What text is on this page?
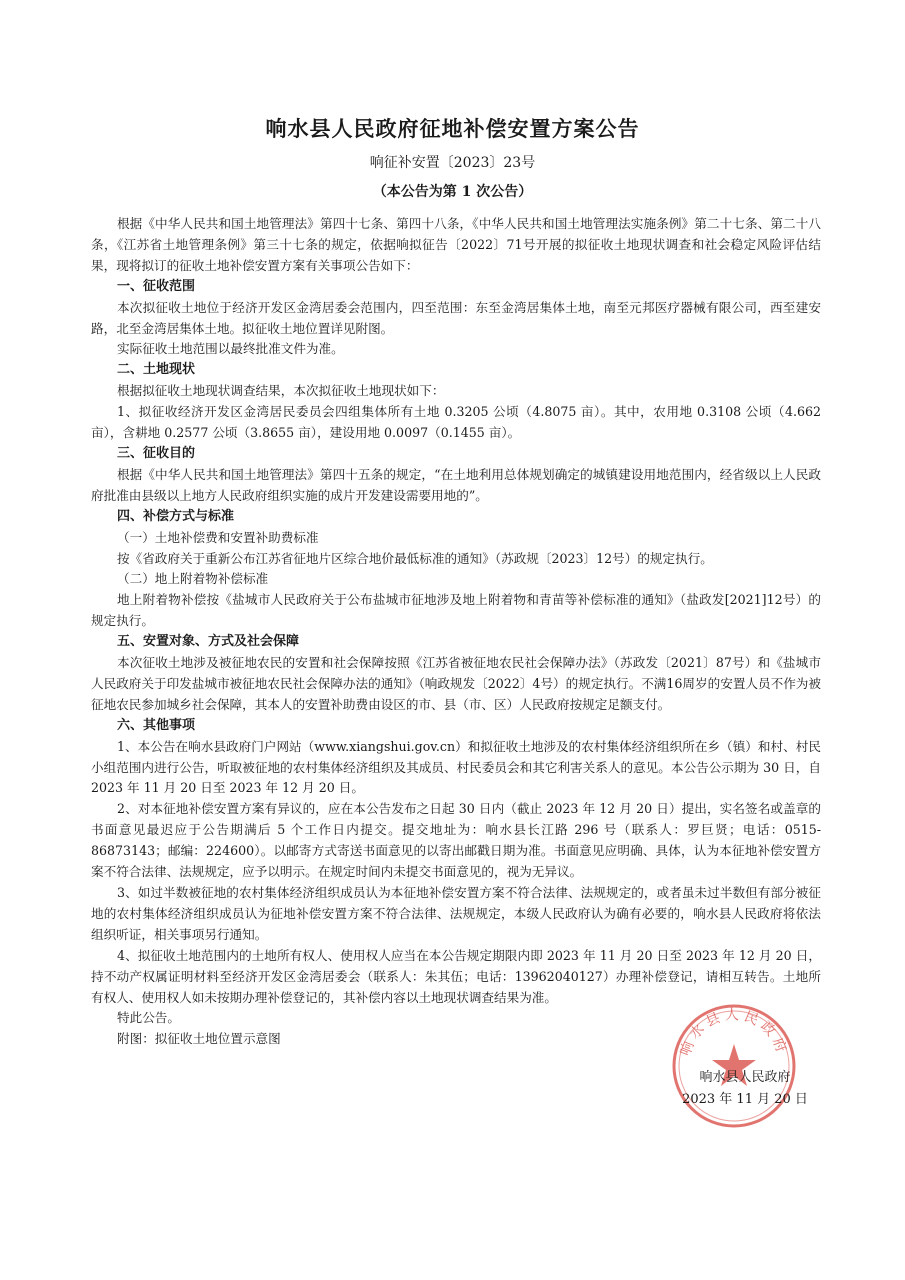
响水县人民政府征地补偿安置方案公告
响征补安置〔2023〕23号
（本公告为第 1 次公告）

根据《中华人民共和国土地管理法》第四十七条、第四十八条，《中华人民共和国土地管理法实施条例》第二十七条、第二十八条，《江苏省土地管理条例》第三十七条的规定，依据响拟征告〔2022〕71号开展的拟征收土地现状调查和社会稳定风险评估结果，现将拟订的征收土地补偿安置方案有关事项公告如下：

一、征收范围

本次拟征收土地位于经济开发区金湾居委会范围内，四至范围：东至金湾居集体土地，南至元邦医疗器械有限公司，西至建安路，北至金湾居集体土地。拟征收土地位置详见附图。

实际征收土地范围以最终批准文件为准。

二、土地现状

根据拟征收土地现状调查结果，本次拟征收土地现状如下：

1、拟征收经济开发区金湾居民委员会四组集体所有土地 0.3205 公顷（4.8075 亩）。其中，农用地 0.3108 公顷（4.662 亩），含耕地 0.2577 公顷（3.8655 亩），建设用地 0.0097（0.1455 亩）。

三、征收目的

根据《中华人民共和国土地管理法》第四十五条的规定，“在土地利用总体规划确定的城镇建设用地范围内，经省级以上人民政府批准由县级以上地方人民政府组织实施的成片开发建设需要用地的”。

四、补偿方式与标准

（一）土地补偿费和安置补助费标准

按《省政府关于重新公布江苏省征地片区综合地价最低标准的通知》（苏政规〔2023〕12号）的规定执行。

（二）地上附着物补偿标准

地上附着物补偿按《盐城市人民政府关于公布盐城市征地涉及地上附着物和青苗等补偿标准的通知》（盐政发[2021]12号）的规定执行。

五、安置对象、方式及社会保障

本次征收土地涉及被征地农民的安置和社会保障按照《江苏省被征地农民社会保障办法》（苏政发〔2021〕87号）和《盐城市人民政府关于印发盐城市被征地农民社会保障办法的通知》（响政规发〔2022〕4号）的规定执行。不满16周岁的安置人员不作为被征地农民参加城乡社会保障，其本人的安置补助费由设区的市、县（市、区）人民政府按规定足额支付。

六、其他事项

1、本公告在响水县政府门户网站（www.xiangshui.gov.cn）和拟征收土地涉及的农村集体经济组织所在乡（镇）和村、村民小组范围内进行公告，听取被征地的农村集体经济组织及其成员、村民委员会和其它利害关系人的意见。本公告公示期为 30 日，自 2023 年 11 月 20 日至 2023 年 12 月 20 日。

2、对本征地补偿安置方案有异议的，应在本公告发布之日起 30 日内（截止 2023 年 12 月 20 日）提出，实名签名或盖章的书面意见最迟应于公告期满后 5 个工作日内提交。提交地址为：响水县长江路 296 号（联系人：罗巨贤；电话：0515-86873143；邮编：224600）。以邮寄方式寄送书面意见的以寄出邮戳日期为准。书面意见应明确、具体，认为本征地补偿安置方案不符合法律、法规规定，应予以明示。在规定时间内未提交书面意见的，视为无异议。

3、如过半数被征地的农村集体经济组织成员认为本征地补偿安置方案不符合法律、法规规定的，或者虽未过半数但有部分被征地的农村集体经济组织成员认为征地补偿安置方案不符合法律、法规规定，本级人民政府认为确有必要的，响水县人民政府将依法组织听证，相关事项另行通知。

4、拟征收土地范围内的土地所有权人、使用权人应当在本公告规定期限内即 2023 年 11 月 20 日至 2023 年 12 月 20 日，持不动产权属证明材料至经济开发区金湾居委会（联系人：朱其伍；电话：13962040127）办理补偿登记，请相互转告。土地所有权人、使用权人如未按期办理补偿登记的，其补偿内容以土地现状调查结果为准。

特此公告。

附图：拟征收土地位置示意图	响水县人民政府
响水县人民政府
2023 年 11 月 20 日
